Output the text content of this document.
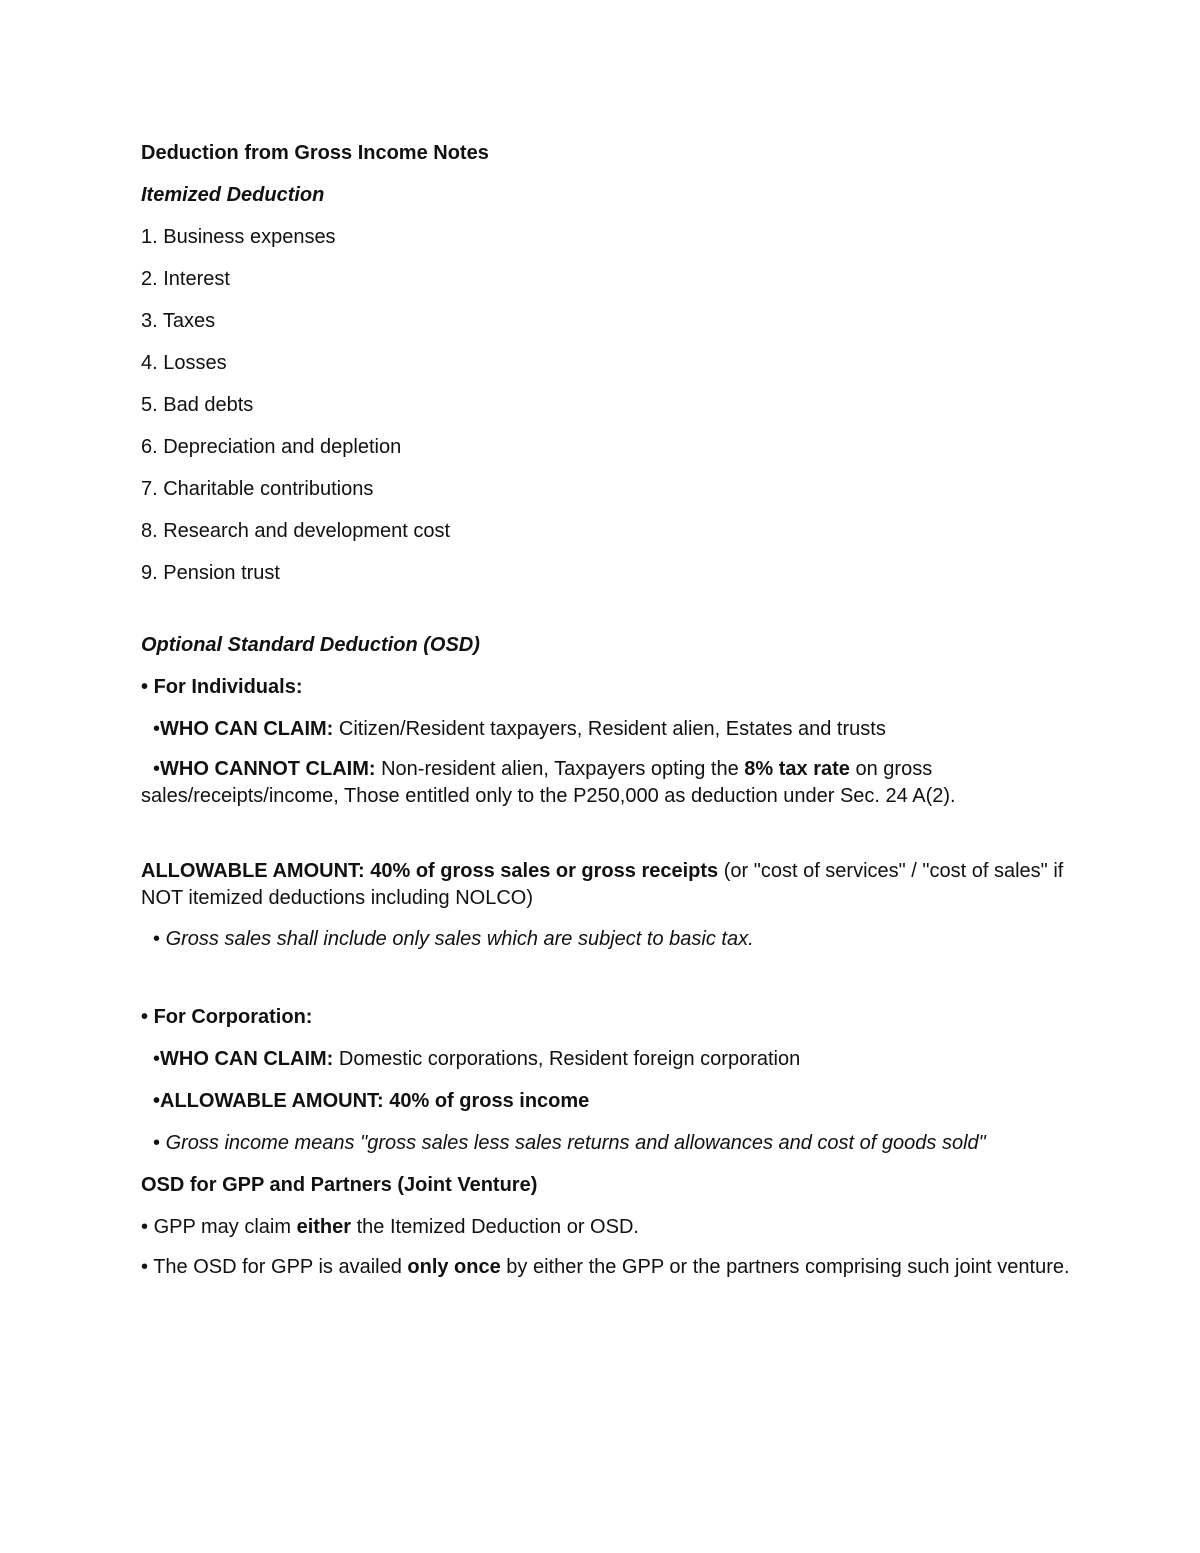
Deduction from Gross Income Notes
Itemized Deduction
1. Business expenses
2. Interest
3. Taxes
4. Losses
5. Bad debts
6. Depreciation and depletion
7. Charitable contributions
8. Research and development cost
9. Pension trust
Optional Standard Deduction (OSD)
• For Individuals:
•WHO CAN CLAIM: Citizen/Resident taxpayers, Resident alien, Estates and trusts
•WHO CANNOT CLAIM: Non-resident alien, Taxpayers opting the 8% tax rate on gross sales/receipts/income, Those entitled only to the P250,000 as deduction under Sec. 24 A(2).
ALLOWABLE AMOUNT: 40% of gross sales or gross receipts (or "cost of services" / "cost of sales" if NOT itemized deductions including NOLCO)
• Gross sales shall include only sales which are subject to basic tax.
• For Corporation:
•WHO CAN CLAIM: Domestic corporations, Resident foreign corporation
•ALLOWABLE AMOUNT: 40% of gross income
• Gross income means "gross sales less sales returns and allowances and cost of goods sold"
OSD for GPP and Partners (Joint Venture)
• GPP may claim either the Itemized Deduction or OSD.
• The OSD for GPP is availed only once by either the GPP or the partners comprising such joint venture.
